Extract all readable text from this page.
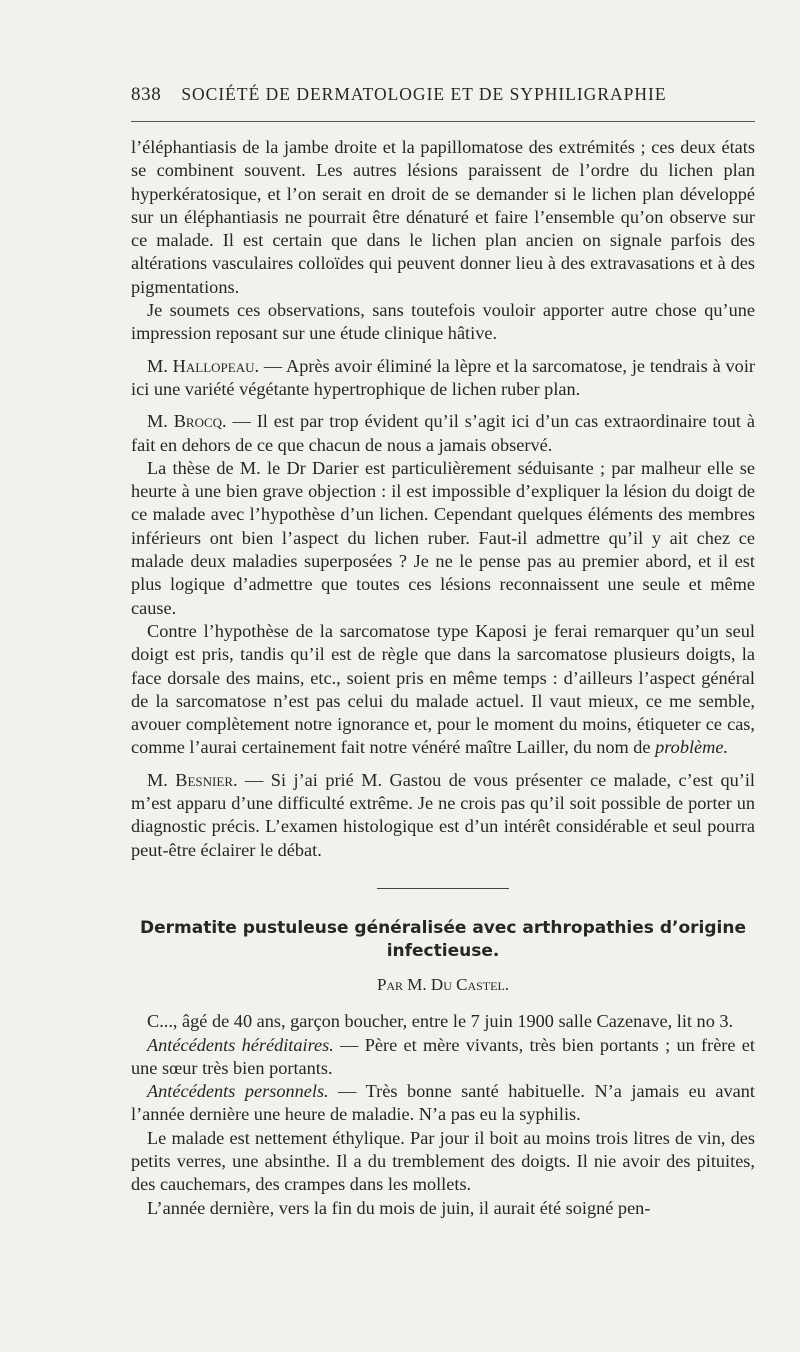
838 SOCIÉTÉ DE DERMATOLOGIE ET DE SYPHILIGRAPHIE

l’éléphantiasis de la jambe droite et la papillomatose des extrémités ; ces deux états se combinent souvent. Les autres lésions paraissent de l’ordre du lichen plan hyperkératosique, et l’on serait en droit de se demander si le lichen plan développé sur un éléphantiasis ne pourrait être dénaturé et faire l’ensemble qu’on observe sur ce malade. Il est certain que dans le lichen plan ancien on signale parfois des altérations vasculaires colloïdes qui peuvent donner lieu à des extravasations et à des pigmentations.

Je soumets ces observations, sans toutefois vouloir apporter autre chose qu’une impression reposant sur une étude clinique hâtive.

M. Hallopeau. — Après avoir éliminé la lèpre et la sarcomatose, je tendrais à voir ici une variété végétante hypertrophique de lichen ruber plan.

M. Brocq. — Il est par trop évident qu’il s’agit ici d’un cas extraordinaire tout à fait en dehors de ce que chacun de nous a jamais observé.

La thèse de M. le Dr Darier est particulièrement séduisante ; par malheur elle se heurte à une bien grave objection : il est impossible d’expliquer la lésion du doigt de ce malade avec l’hypothèse d’un lichen. Cependant quelques éléments des membres inférieurs ont bien l’aspect du lichen ruber. Faut-il admettre qu’il y ait chez ce malade deux maladies superposées ? Je ne le pense pas au premier abord, et il est plus logique d’admettre que toutes ces lésions reconnaissent une seule et même cause.

Contre l’hypothèse de la sarcomatose type Kaposi je ferai remarquer qu’un seul doigt est pris, tandis qu’il est de règle que dans la sarcomatose plusieurs doigts, la face dorsale des mains, etc., soient pris en même temps : d’ailleurs l’aspect général de la sarcomatose n’est pas celui du malade actuel. Il vaut mieux, ce me semble, avouer complètement notre ignorance et, pour le moment du moins, étiqueter ce cas, comme l’aurai certainement fait notre vénéré maître Lailler, du nom de problème.

M. Besnier. — Si j’ai prié M. Gastou de vous présenter ce malade, c’est qu’il m’est apparu d’une difficulté extrême. Je ne crois pas qu’il soit possible de porter un diagnostic précis. L’examen histologique est d’un intérêt considérable et seul pourra peut-être éclairer le débat.

Dermatite pustuleuse généralisée avec arthropathies d’origine
infectieuse.
Par M. Du Castel.

C..., âgé de 40 ans, garçon boucher, entre le 7 juin 1900 salle Cazenave, lit no 3.

Antécédents héréditaires. — Père et mère vivants, très bien portants ; un frère et une sœur très bien portants.

Antécédents personnels. — Très bonne santé habituelle. N’a jamais eu avant l’année dernière une heure de maladie. N’a pas eu la syphilis.

Le malade est nettement éthylique. Par jour il boit au moins trois litres de vin, des petits verres, une absinthe. Il a du tremblement des doigts. Il nie avoir des pituites, des cauchemars, des crampes dans les mollets.

L’année dernière, vers la fin du mois de juin, il aurait été soigné pen-
